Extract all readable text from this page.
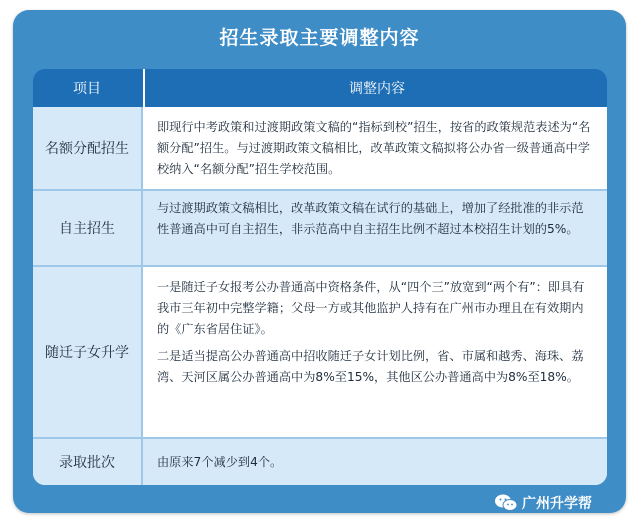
招生录取主要调整内容
项目	调整内容
名额分配招生

即现行中考政策和过渡期政策文稿的“指标到校”招生，按省的政策规范表述为“名额分配”招生。与过渡期政策文稿相比，改革政策文稿拟将公办省一级普通高中学校纳入“名额分配”招生学校范围。

自主招生

与过渡期政策文稿相比，改革政策文稿在试行的基础上，增加了经批准的非示范性普通高中可自主招生，非示范高中自主招生比例不超过本校招生计划的5%。

随迁子女升学

一是随迁子女报考公办普通高中资格条件，从“四个三”放宽到“两个有”：即具有我市三年初中完整学籍；父母一方或其他监护人持有在广州市办理且在有效期内的《广东省居住证》。

二是适当提高公办普通高中招收随迁子女计划比例，省、市属和越秀、海珠、荔湾、天河区属公办普通高中为8%至15%，其他区公办普通高中为8%至18%。

录取批次	由原来7个减少到4个。

广州升学帮
